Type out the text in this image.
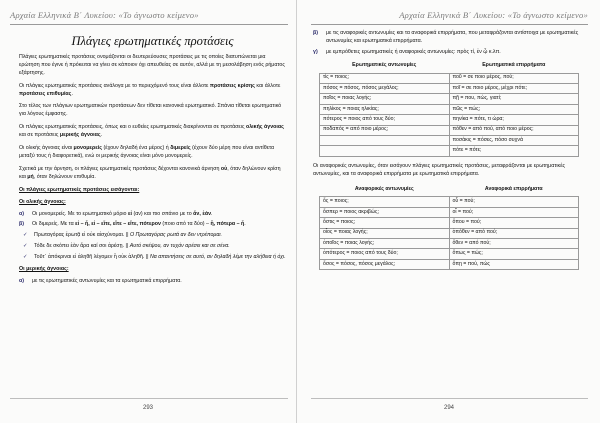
Αρχαία Ελληνικά Β΄ Λυκείου: «Το άγνωστο κείμενο»
Πλάγιες ερωτηματικές προτάσεις

Πλάγιες ερωτηματικές προτάσεις ονομάζονται οι δευτερεύουσες προτάσεις με τις οποίες διατυπώνεται μια ερώτηση που έγινε ή πρόκειται να γίνει σε κάποιον όχι απευθείας σε αυτόν, αλλά με τη μεσολάβηση ενός ρήματος εξάρτησης.

Οι πλάγιες ερωτηματικές προτάσεις ανάλογα με το περιεχόμενό τους είναι άλλοτε προτάσεις κρίσης και άλλοτε προτάσεις επιθυμίας.

Στο τέλος των πλάγιων ερωτηματικών προτάσεων δεν τίθεται κανονικά ερωτηματικό. Σπάνια τίθεται ερωτηματικό για λόγους έμφασης.

Οι πλάγιες ερωτηματικές προτάσεις, όπως και ο ευθείες ερωτηματικές διακρίνονται σε προτάσεις ολικής άγνοιας και σε προτάσεις μερικής άγνοιας.

Οι ολικής άγνοιας είναι μονομερείς (έχουν δηλαδή ένα μέρος) ή διμερείς (έχουν δύο μέρη που είναι αντίθετα μεταξύ τους ή διαφορετικά), ενώ οι μερικής άγνοιας είναι μόνο μονομερείς.

Σχετικά με την άρνηση, οι πλάγιες ερωτηματικές προτάσεις δέχονται κανονικά άρνηση οὐ, όταν δηλώνουν κρίση και μή, όταν δηλώνουν επιθυμία.

Οι πλάγιες ερωτηματικές προτάσεις εισάγονται:
Οι ολικής άγνοιας:
α)	Οι μονομερείς. Με το ερωτηματικό μόριο εἰ (αν) και πιο σπάνιο με το ἄν, ἐάν.
β)	Οι διμερείς. Με τα εἰ – ἤ, εἰ – εἴτε, εἴτε – εἴτε, πότερον (ποιο από τα δύο) – ἤ, πότερα – ἤ.
✓	Πρωταγόρας ἐρωτᾷ εἰ οὐκ αἰσχύνομαι. || Ο Πρωταγόρας ρωτά αν δεν ντρέπομαι.
✓	Τόδε δε σκόπει ἐὰν ἄρα καί σοι ἀρέσῃ. || Αυτό σκέψου, αν τυχόν αρέσει και σε σένα.
✓	Τοῦτ᾽ ἀπόκριναι εἰ ἀληθῆ λέγομεν ἢ οὐκ ἀληθῆ. || Να απαντήσεις σε αυτό, αν δηλαδή λέμε την αλήθεια ή όχι.
Οι μερικής άγνοιας:
α)	με τις ερωτηματικές αντωνυμίες και τα ερωτηματικά επιρρήματα.
293
Αρχαία Ελληνικά Β΄ Λυκείου: «Το άγνωστο κείμενο»
β)	με τις αναφορικές αντωνυμίες και τα αναφορικά επιρρήματα, που μεταφράζονται αντίστοιχα με ερωτηματικές αντωνυμίες και ερωτηματικά επιρρήματα.
γ)	με εμπρόθετες ερωτηματικές ή αναφορικές αντωνυμίες: πρὸς τί, ἐν ᾧ κ.λπ.
Ερωτηματικές αντωνυμίες	Ερωτηματικά επιρρήματα
τίς = ποιος;	ποῦ = σε ποιο μέρος, πού;
πόσος = πόσος, πόσος μεγάλος;	ποῖ = σε ποιο μέρος, μέχρι πότε;
ποῖος = ποιας λογής;	πῇ = που, πώς, γιατί;
πηλίκος = ποιας ηλικίας;	πῶς = πώς;
πότερος = ποιος από τους δύο;	πηνίκα = πότε, τι ώρα;
ποδαπός = από ποιο μέρος;	πόθεν = από πού, από ποιο μέρος;
	ποσάκις = πόσες, πόσο συχνά
	πότε = πότε;

Οι αναφορικές αντωνυμίες, όταν εισάγουν πλάγιες ερωτηματικές προτάσεις, μεταφράζονται με ερωτηματικές αντωνυμίες, και τα αναφορικά επιρρήματα με ερωτηματικά επιρρήματα.

Αναφορικές αντωνυμίες	Αναφορικά επιρρήματα
ὅς = ποιος;	οὗ = πού;
ὅσπερ = ποιος ακριβώς;	οἷ = πού;
ὅστις = ποιος;	ὅπου = πού;
οἷος = ποιας λογής;	ὁπόθεν = από πού;
ὁποῖος = ποιας λογής;	ὅθεν = από πού;
ὁπότερος = ποιος από τους δύο;	ὅπως = πώς;
ὅσος = πόσος, πόσος μεγάλος;	ὅπῃ = πού, πώς
294
